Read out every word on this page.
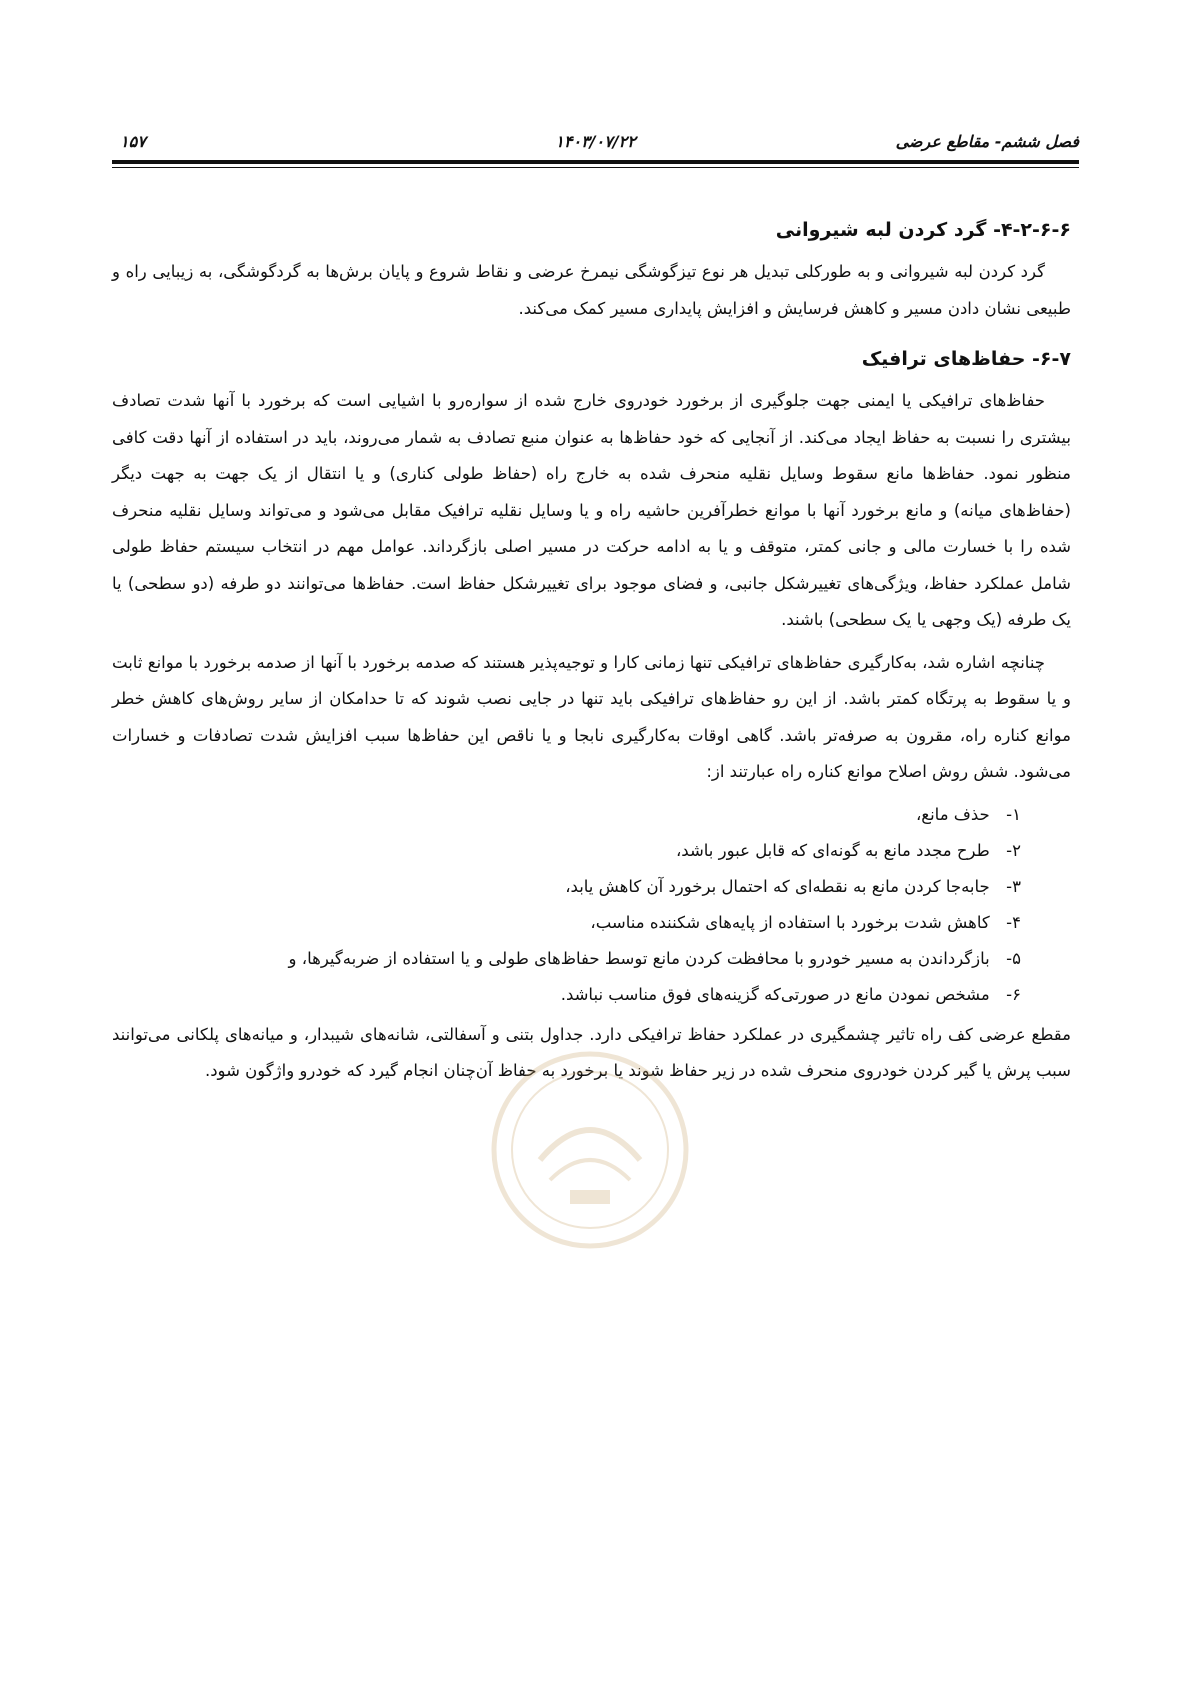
فصل ششم- مقاطع عرضی
۱۴۰۳/۰۷/۲۲
۱۵۷
۴-۲-۶-۶- گرد کردن لبه شیروانی

گرد کردن لبه شیروانی و به طورکلی تبدیل هر نوع تیزگوشگی نیمرخ عرضی و نقاط شروع و پایان برش‌ها به گردگوشگی، به زیبایی راه و طبیعی نشان دادن مسیر و کاهش فرسایش و افزایش پایداری مسیر کمک می‌کند.

۶-۷- حفاظ‌های ترافیک

حفاظ‌های ترافیکی یا ایمنی جهت جلوگیری از برخورد خودروی خارج شده از سواره‌رو با اشیایی است که برخورد با آنها شدت تصادف بیشتری را نسبت به حفاظ ایجاد می‌کند. از آنجایی که خود حفاظ‌ها به عنوان منبع تصادف به شمار می‌روند، باید در استفاده از آنها دقت کافی منظور نمود. حفاظ‌ها مانع سقوط وسایل نقلیه منحرف شده به خارج راه (حفاظ طولی کناری) و یا انتقال از یک جهت به جهت دیگر (حفاظ‌های میانه) و مانع برخورد آنها با موانع خطرآفرین حاشیه راه و یا وسایل نقلیه ترافیک مقابل می‌شود و می‌تواند وسایل نقلیه منحرف شده را با خسارت مالی و جانی کمتر، متوقف و یا به ادامه حرکت در مسیر اصلی بازگرداند. عوامل مهم در انتخاب سیستم حفاظ طولی شامل عملکرد حفاظ، ویژگی‌های تغییرشکل جانبی، و فضای موجود برای تغییرشکل حفاظ است. حفاظ‌ها می‌توانند دو طرفه (دو سطحی) یا یک طرفه (یک وجهی یا یک سطحی) باشند.

چنانچه اشاره شد، به‌کارگیری حفاظ‌های ترافیکی تنها زمانی کارا و توجیه‌پذیر هستند که صدمه برخورد با آنها از صدمه برخورد با موانع ثابت و یا سقوط به پرتگاه کمتر باشد. از این رو حفاظ‌های ترافیکی باید تنها در جایی نصب شوند که تا حدامکان از سایر روش‌های کاهش خطر موانع کناره راه، مقرون به صرفه‌تر باشد. گاهی اوقات به‌کارگیری نابجا و یا ناقص این حفاظ‌ها سبب افزایش شدت تصادفات و خسارات می‌شود. شش روش اصلاح موانع کناره راه عبارتند از:

۱- حذف مانع،
۲- طرح مجدد مانع به گونه‌ای که قابل عبور باشد،
۳- جابه‌جا کردن مانع به نقطه‌ای که احتمال برخورد آن کاهش یابد،
۴- کاهش شدت برخورد با استفاده از پایه‌های شکننده مناسب،
۵- بازگرداندن به مسیر خودرو با محافظت کردن مانع توسط حفاظ‌های طولی و یا استفاده از ضربه‌گیرها، و
۶- مشخص نمودن مانع در صورتی‌که گزینه‌های فوق مناسب نباشد.

مقطع عرضی کف راه تاثیر چشمگیری در عملکرد حفاظ ترافیکی دارد. جداول بتنی و آسفالتی، شانه‌های شیبدار، و میانه‌های پلکانی می‌توانند سبب پرش یا گیر کردن خودروی منحرف شده در زیر حفاظ شوند یا برخورد به حفاظ آن‌چنان انجام گیرد که خودرو واژگون شود.
